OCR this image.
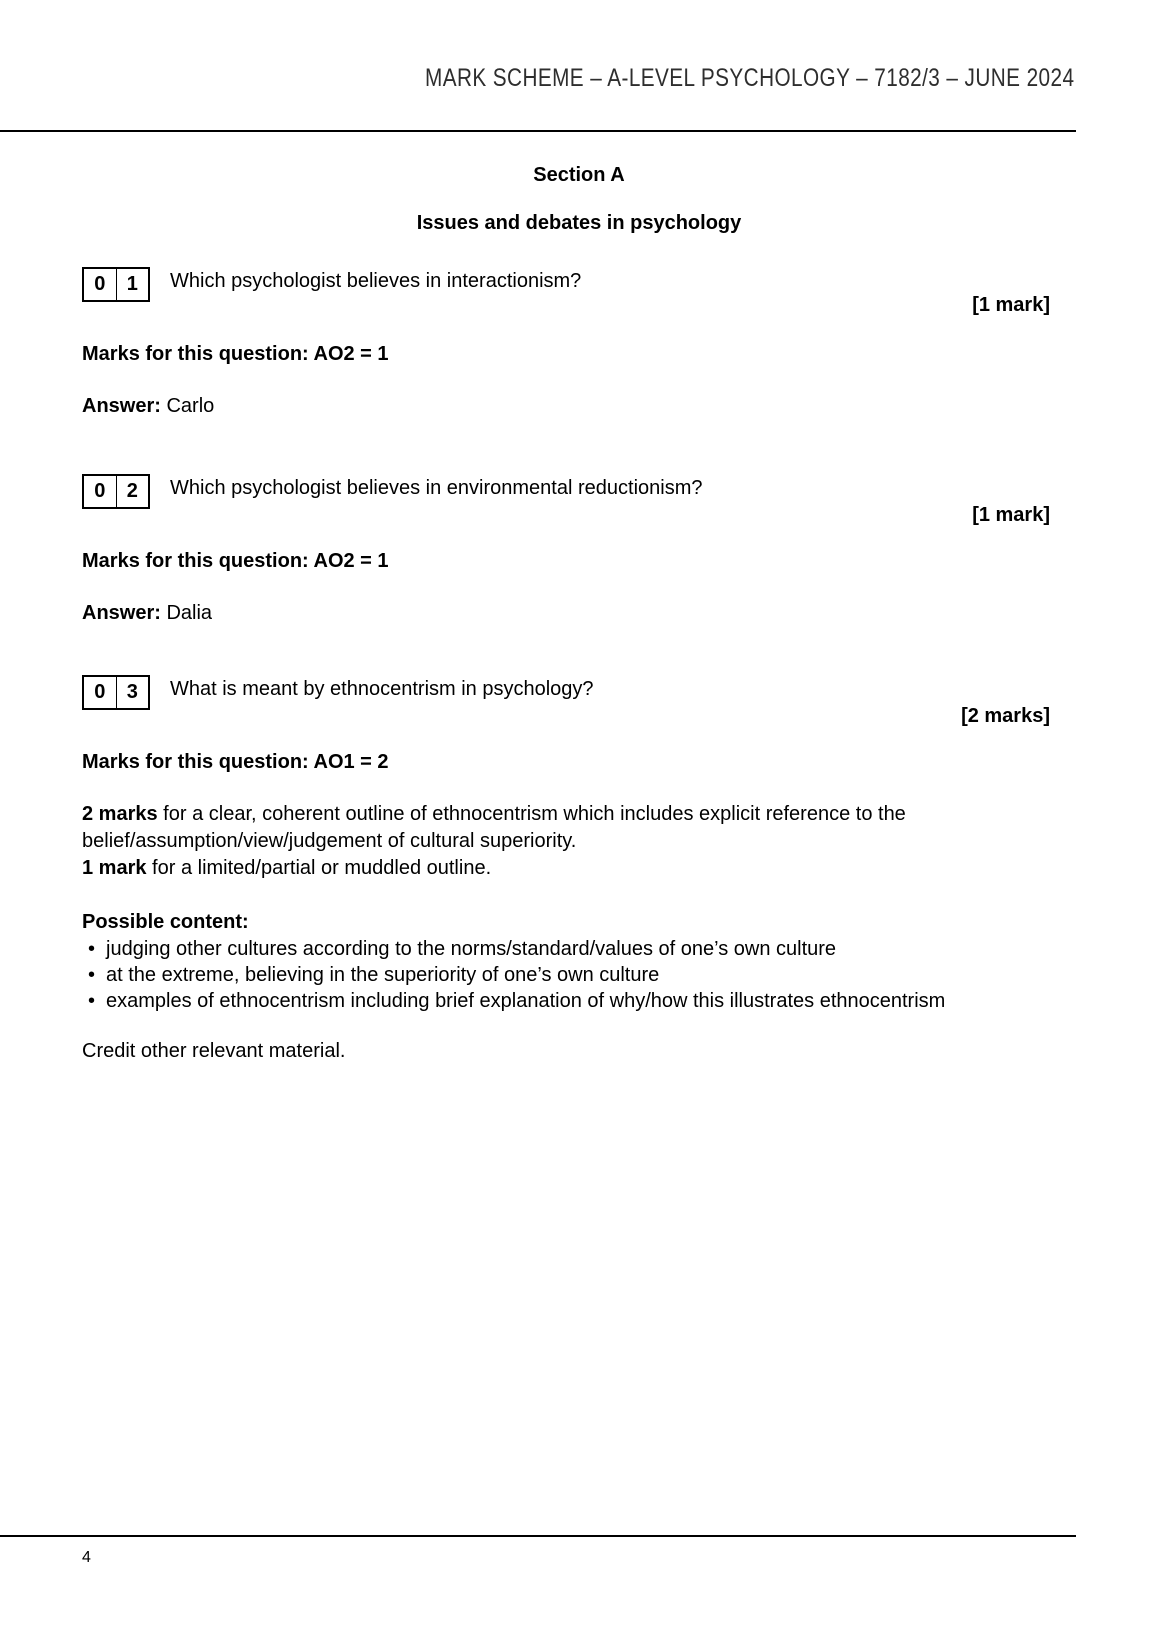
MARK SCHEME – A-LEVEL PSYCHOLOGY – 7182/3 – JUNE 2024
Section A
Issues and debates in psychology
0	1	Which psychologist believes in interactionism?
[1 mark]
Marks for this question: AO2 = 1
Answer: Carlo
0	2	Which psychologist believes in environmental reductionism?
[1 mark]
Marks for this question: AO2 = 1
Answer: Dalia
0	3	What is meant by ethnocentrism in psychology?
[2 marks]
Marks for this question: AO1 = 2
2 marks for a clear, coherent outline of ethnocentrism which includes explicit reference to the belief/assumption/view/judgement of cultural superiority.
1 mark for a limited/partial or muddled outline.
Possible content:
• judging other cultures according to the norms/standard/values of one’s own culture
• at the extreme, believing in the superiority of one’s own culture
• examples of ethnocentrism including brief explanation of why/how this illustrates ethnocentrism
Credit other relevant material.
4
